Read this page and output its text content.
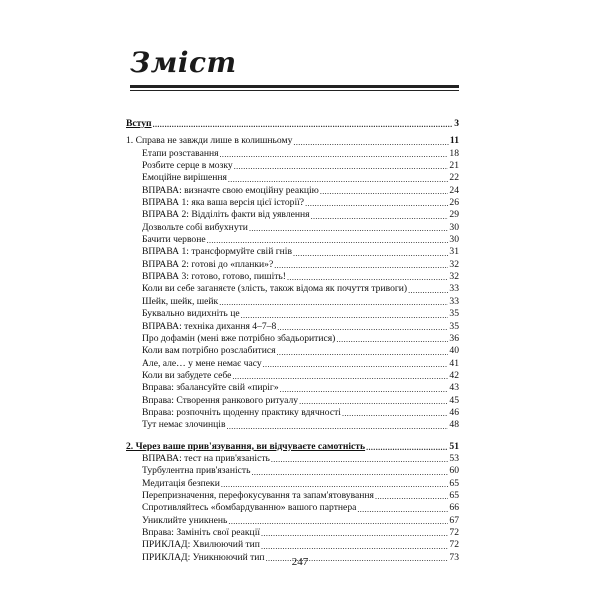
Зміст
Вступ .....	3
1. Справа не завжди лише в колишньому .....	11
Етапи розставання .....	18
Розбите серце в мозку .....	21
Емоційне вирішення .....	22
ВПРАВА: визначте свою емоційну реакцію .....	24
ВПРАВА 1: яка ваша версія цієї історії? .....	26
ВПРАВА 2: Відділіть факти від уявлення .....	29
Дозвольте собі вибухнути .....	30
Бачити червоне .....	30
ВПРАВА 1: трансформуйте свій гнів .....	31
ВПРАВА 2: готові до «планки»? .....	32
ВПРАВА 3: готово, готово, пишіть! .....	32
Коли ви себе заганяєте (злість, також відома як почуття тривоги) .....	33
Шейк, шейк, шейк .....	33
Буквально видихніть це .....	35
ВПРАВА: техніка дихання 4–7–8 .....	35
Про дофамін (мені вже потрібно збадьоритися) .....	36
Коли вам потрібно розслабитися .....	40
Але, але… у мене немає часу .....	41
Коли ви забудете себе .....	42
Вправа: збалансуйте свій «пиріг» .....	43
Вправа: Створення ранкового ритуалу .....	45
Вправа: розпочніть щоденну практику вдячності .....	46
Тут немає злочинців .....	48
2. Через ваше прив'язування, ви відчуваєте самотність .....	51
ВПРАВА: тест на прив'язаність .....	53
Турбулентна прив'язаність .....	60
Медитація безпеки .....	65
Перепризначення, перефокусування та запам'ятовування .....	65
Спротивляйтесь «бомбардуванню» вашого партнера .....	66
Униклийте уникнень .....	67
Вправа: Замініть свої реакції .....	72
ПРИКЛАД: Хвилюючий тип .....	72
ПРИКЛАД: Уникнюючий тип .....	73
247
